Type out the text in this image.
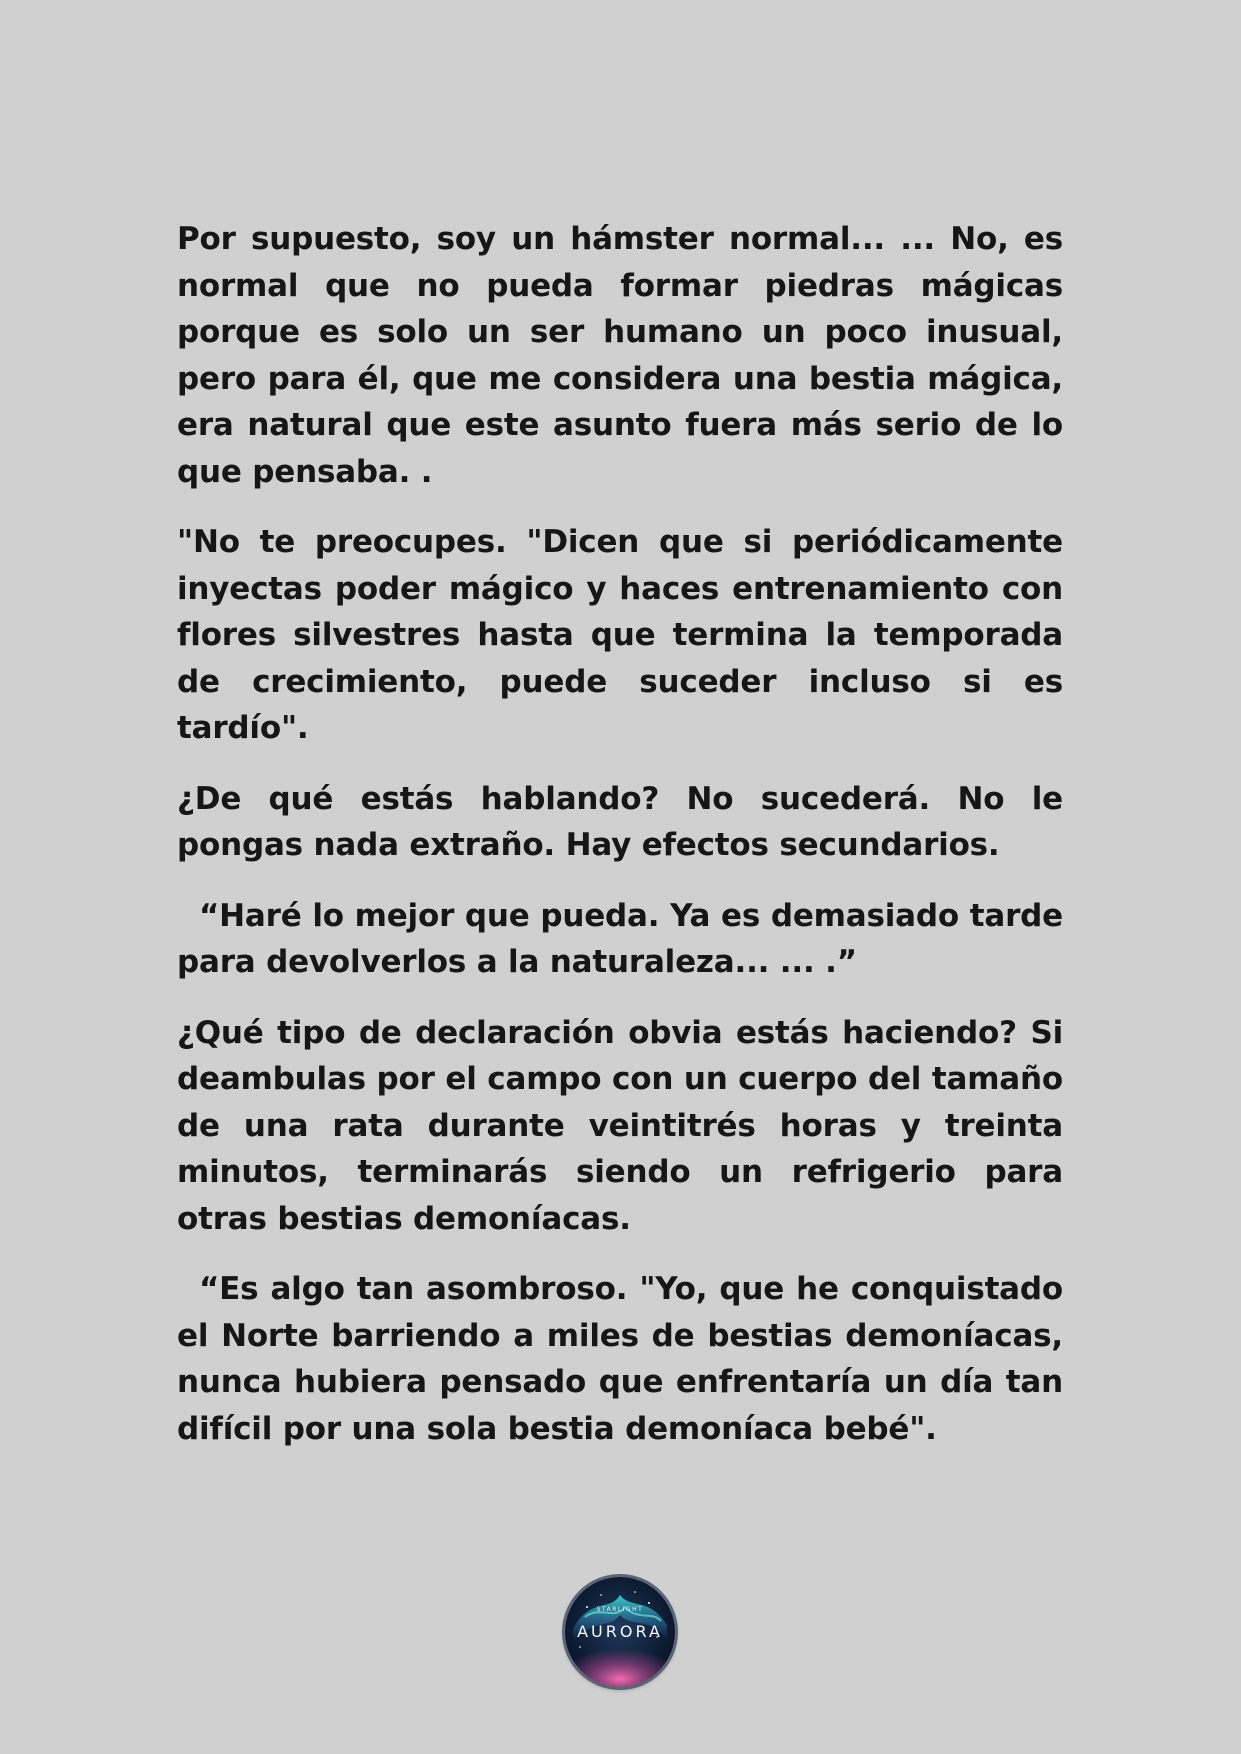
Por supuesto, soy un hámster normal... ... No, es normal que no pueda formar piedras mágicas porque es solo un ser humano un poco inusual, pero para él, que me considera una bestia mágica, era natural que este asunto fuera más serio de lo que pensaba. .

"No te preocupes. "Dicen que si periódicamente inyectas poder mágico y haces entrenamiento con flores silvestres hasta que termina la temporada de crecimiento, puede suceder incluso si es tardío".

¿De qué estás hablando? No sucederá. No le pongas nada extraño. Hay efectos secundarios.

“Haré lo mejor que pueda. Ya es demasiado tarde para devolverlos a la naturaleza... ... .”

¿Qué tipo de declaración obvia estás haciendo? Si deambulas por el campo con un cuerpo del tamaño de una rata durante veintitrés horas y treinta minutos, terminarás siendo un refrigerio para otras bestias demoníacas.

“Es algo tan asombroso. "Yo, que he conquistado el Norte barriendo a miles de bestias demoníacas, nunca hubiera pensado que enfrentaría un día tan difícil por una sola bestia demoníaca bebé".

STARLIGHT
AURORA
